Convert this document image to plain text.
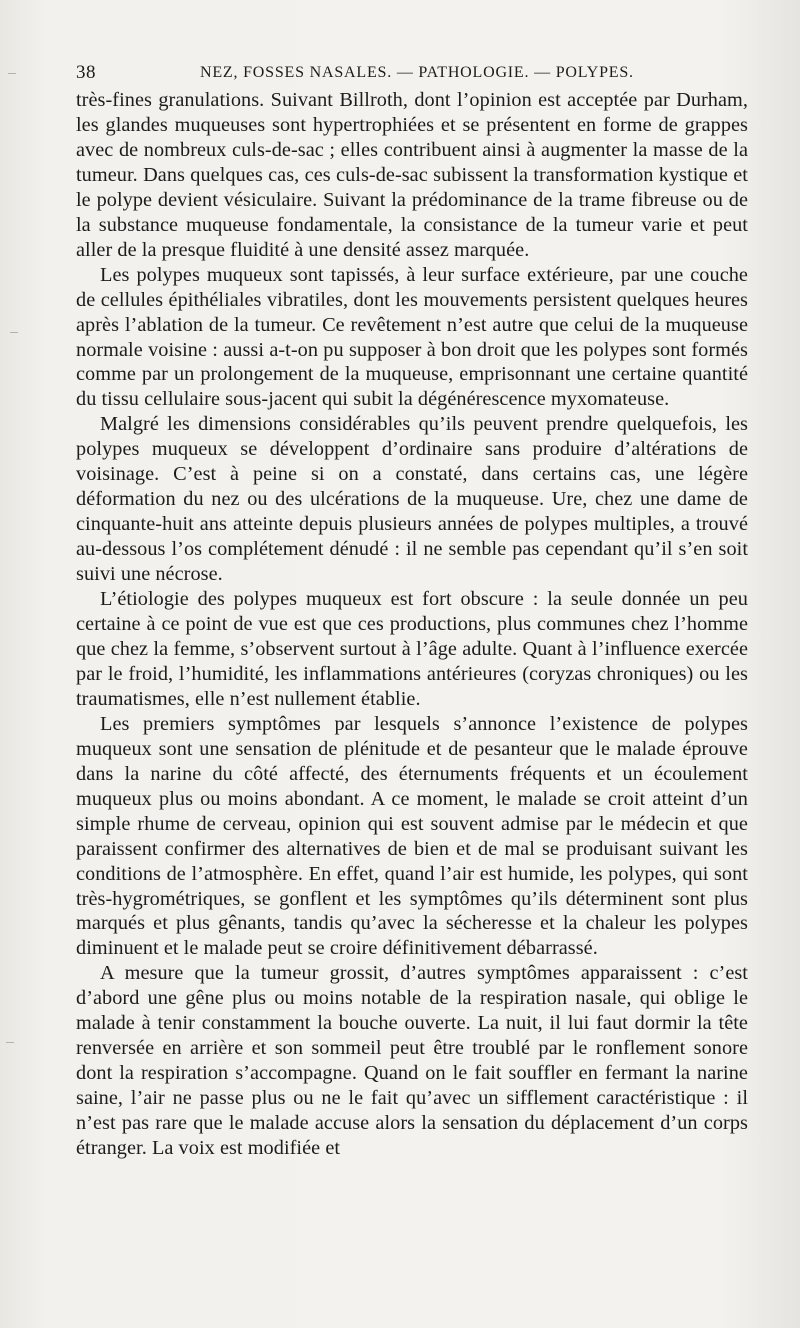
38	NEZ, FOSSES NASALES. — PATHOLOGIE. — POLYPES.

très-fines granulations. Suivant Billroth, dont l’opinion est acceptée par Durham, les glandes muqueuses sont hypertrophiées et se présentent en forme de grappes avec de nombreux culs-de-sac ; elles contribuent ainsi à augmenter la masse de la tumeur. Dans quelques cas, ces culs-de-sac subissent la transformation kystique et le polype devient vésiculaire. Suivant la prédominance de la trame fibreuse ou de la substance muqueuse fondamentale, la consistance de la tumeur varie et peut aller de la presque fluidité à une densité assez marquée.

Les polypes muqueux sont tapissés, à leur surface extérieure, par une couche de cellules épithéliales vibratiles, dont les mouvements persistent quelques heures après l’ablation de la tumeur. Ce revêtement n’est autre que celui de la muqueuse normale voisine : aussi a-t-on pu supposer à bon droit que les polypes sont formés comme par un prolongement de la muqueuse, emprisonnant une certaine quantité du tissu cellulaire sous-jacent qui subit la dégénérescence myxomateuse.

Malgré les dimensions considérables qu’ils peuvent prendre quelquefois, les polypes muqueux se développent d’ordinaire sans produire d’altérations de voisinage. C’est à peine si on a constaté, dans certains cas, une légère déformation du nez ou des ulcérations de la muqueuse. Ure, chez une dame de cinquante-huit ans atteinte depuis plusieurs années de polypes multiples, a trouvé au-dessous l’os complétement dénudé : il ne semble pas cependant qu’il s’en soit suivi une nécrose.

L’étiologie des polypes muqueux est fort obscure : la seule donnée un peu certaine à ce point de vue est que ces productions, plus communes chez l’homme que chez la femme, s’observent surtout à l’âge adulte. Quant à l’influence exercée par le froid, l’humidité, les inflammations antérieures (coryzas chroniques) ou les traumatismes, elle n’est nullement établie.

Les premiers symptômes par lesquels s’annonce l’existence de polypes muqueux sont une sensation de plénitude et de pesanteur que le malade éprouve dans la narine du côté affecté, des éternuments fréquents et un écoulement muqueux plus ou moins abondant. A ce moment, le malade se croit atteint d’un simple rhume de cerveau, opinion qui est souvent admise par le médecin et que paraissent confirmer des alternatives de bien et de mal se produisant suivant les conditions de l’atmosphère. En effet, quand l’air est humide, les polypes, qui sont très-hygrométriques, se gonflent et les symptômes qu’ils déterminent sont plus marqués et plus gênants, tandis qu’avec la sécheresse et la chaleur les polypes diminuent et le malade peut se croire définitivement débarrassé.

A mesure que la tumeur grossit, d’autres symptômes apparaissent : c’est d’abord une gêne plus ou moins notable de la respiration nasale, qui oblige le malade à tenir constamment la bouche ouverte. La nuit, il lui faut dormir la tête renversée en arrière et son sommeil peut être troublé par le ronflement sonore dont la respiration s’accompagne. Quand on le fait souffler en fermant la narine saine, l’air ne passe plus ou ne le fait qu’avec un sifflement caractéristique : il n’est pas rare que le malade accuse alors la sensation du déplacement d’un corps étranger. La voix est modifiée et
